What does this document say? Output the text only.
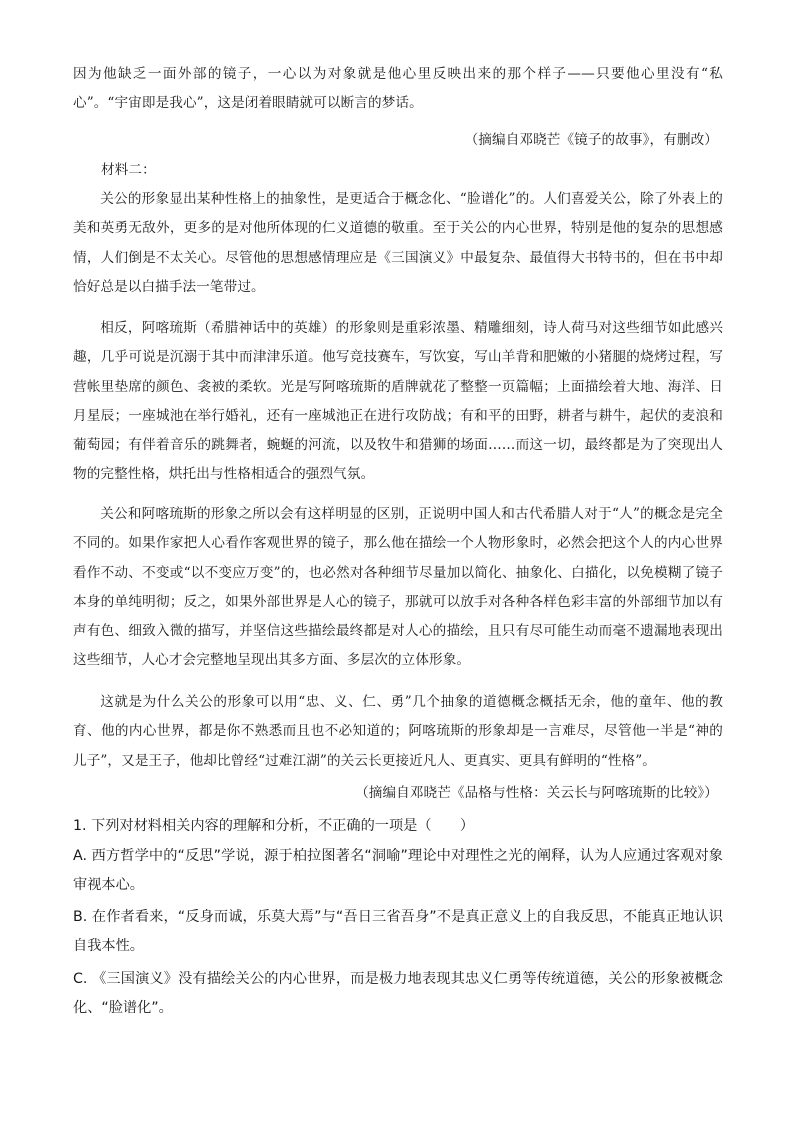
因为他缺乏一面外部的镜子，一心以为对象就是他心里反映出来的那个样子——只要他心里没有“私心”。“宇宙即是我心”，这是闭着眼睛就可以断言的梦话。

（摘编自邓晓芒《镜子的故事》，有删改）

材料二：

关公的形象显出某种性格上的抽象性，是更适合于概念化、“脸谱化”的。人们喜爱关公，除了外表上的美和英勇无敌外，更多的是对他所体现的仁义道德的敬重。至于关公的内心世界，特别是他的复杂的思想感情，人们倒是不太关心。尽管他的思想感情理应是《三国演义》中最复杂、最值得大书特书的，但在书中却恰好总是以白描手法一笔带过。

相反，阿喀琉斯（希腊神话中的英雄）的形象则是重彩浓墨、精雕细刻，诗人荷马对这些细节如此感兴趣，几乎可说是沉溺于其中而津津乐道。他写竞技赛车，写饮宴，写山羊背和肥嫩的小猪腿的烧烤过程，写营帐里垫席的颜色、衾被的柔软。光是写阿喀琉斯的盾牌就花了整整一页篇幅；上面描绘着大地、海洋、日月星辰；一座城池在举行婚礼，还有一座城池正在进行攻防战；有和平的田野，耕者与耕牛，起伏的麦浪和葡萄园；有伴着音乐的跳舞者，蜿蜒的河流，以及牧牛和猎狮的场面……而这一切，最终都是为了突现出人物的完整性格，烘托出与性格相适合的强烈气氛。

关公和阿喀琉斯的形象之所以会有这样明显的区别，正说明中国人和古代希腊人对于“人”的概念是完全不同的。如果作家把人心看作客观世界的镜子，那么他在描绘一个人物形象时，必然会把这个人的内心世界看作不动、不变或“以不变应万变”的，也必然对各种细节尽量加以简化、抽象化、白描化，以免模糊了镜子本身的单纯明彻；反之，如果外部世界是人心的镜子，那就可以放手对各种各样色彩丰富的外部细节加以有声有色、细致入微的描写，并坚信这些描绘最终都是对人心的描绘，且只有尽可能生动而毫不遗漏地表现出这些细节，人心才会完整地呈现出其多方面、多层次的立体形象。

这就是为什么关公的形象可以用“忠、义、仁、勇”几个抽象的道德概念概括无余，他的童年、他的教育、他的内心世界，都是你不熟悉而且也不必知道的；阿喀琉斯的形象却是一言难尽，尽管他一半是“神的儿子”，又是王子，他却比曾经“过难江湖”的关云长更接近凡人、更真实、更具有鲜明的“性格”。

（摘编自邓晓芒《品格与性格：关云长与阿喀琉斯的比较》）

1. 下列对材料相关内容的理解和分析，不正确的一项是（　　）

A. 西方哲学中的“反思”学说，源于柏拉图著名“洞喻”理论中对理性之光的阐释，认为人应通过客观对象审视本心。

B. 在作者看来，“反身而诚，乐莫大焉”与“吾日三省吾身”不是真正意义上的自我反思，不能真正地认识自我本性。

C. 《三国演义》没有描绘关公的内心世界，而是极力地表现其忠义仁勇等传统道德，关公的形象被概念化、“脸谱化”。
